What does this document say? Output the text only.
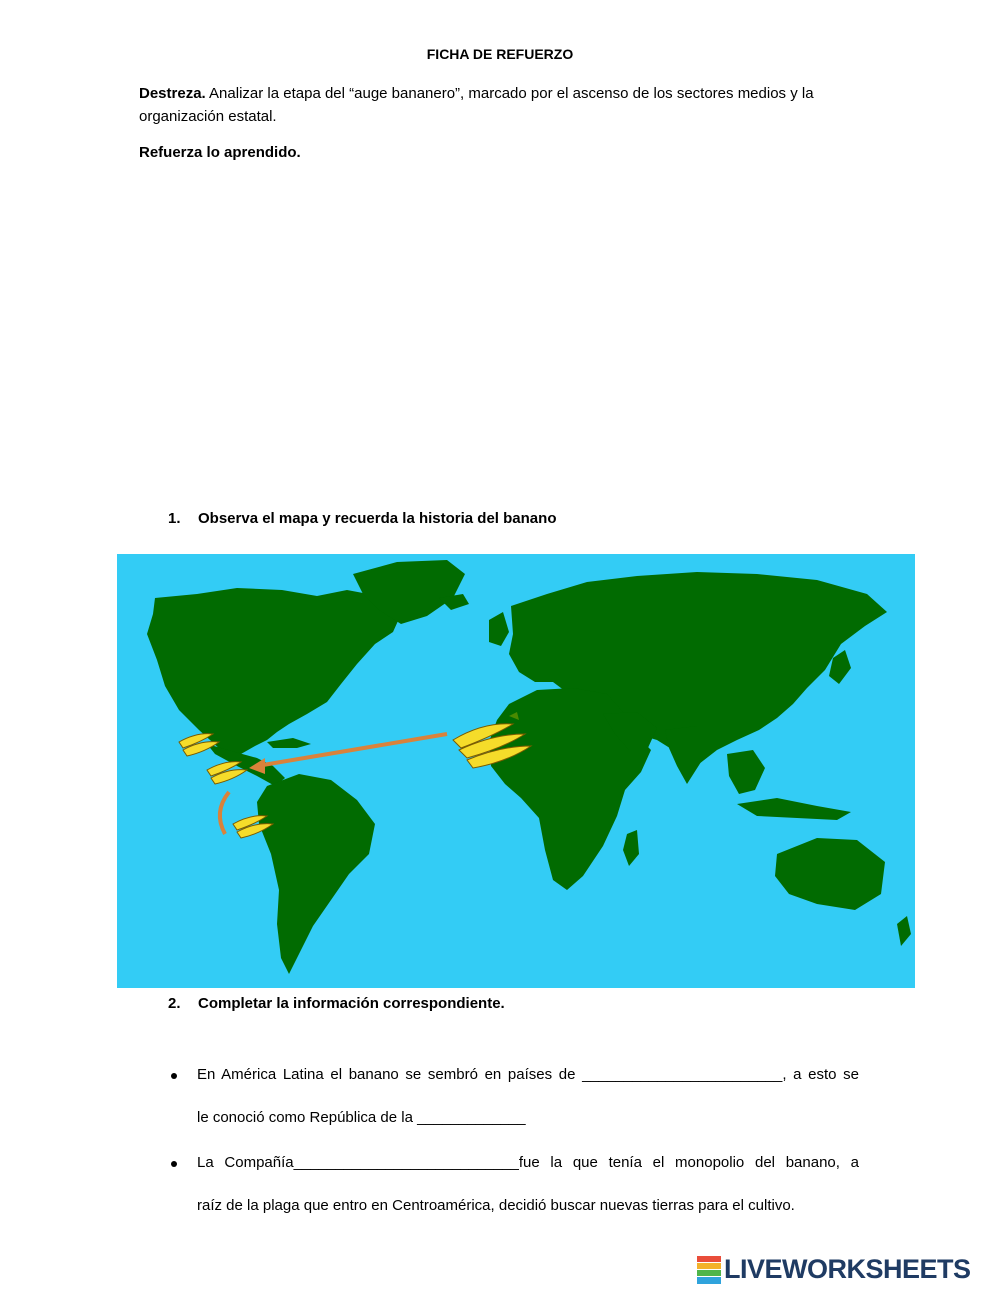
FICHA DE REFUERZO
Destreza. Analizar la etapa del “auge bananero”, marcado por el ascenso de los sectores medios y la organización estatal.
Refuerza lo aprendido.
1. Observa el mapa y recuerda la historia del banano
2. Completar la información correspondiente.
En América Latina el banano se sembró en países de ________________________, a esto se
le conoció como República de la _____________
La Compañía___________________________fue la que tenía el monopolio del banano, a
raíz de la plaga que entro en Centroamérica, decidió buscar nuevas tierras para el cultivo.
LIVEWORKSHEETS
